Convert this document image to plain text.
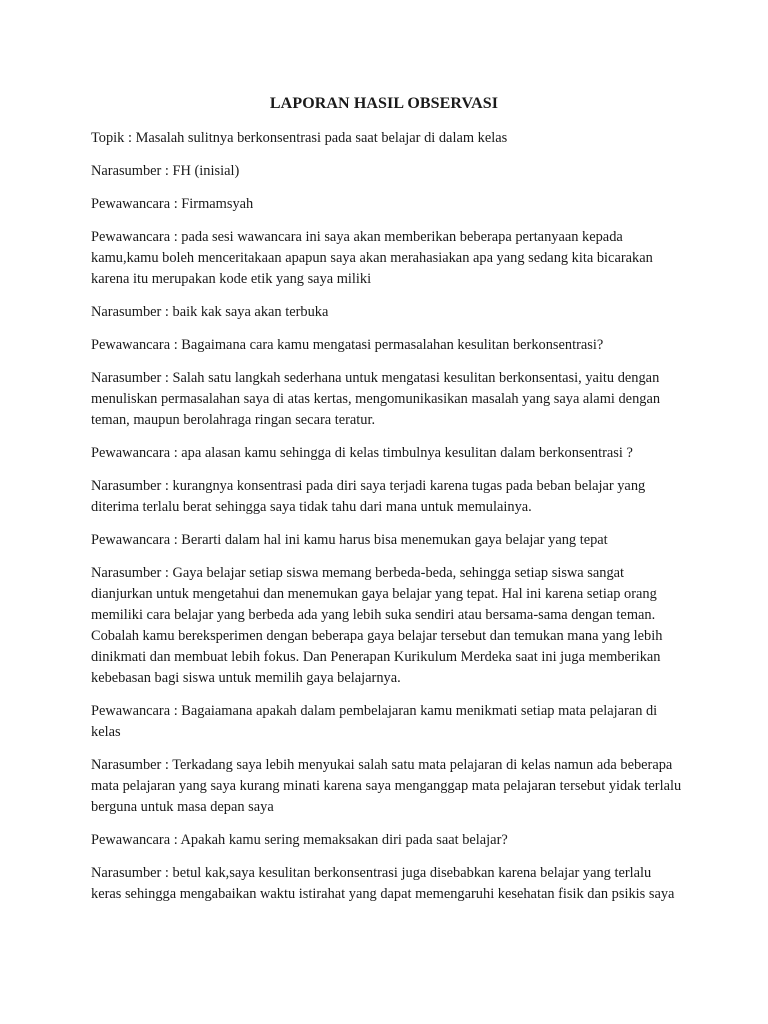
LAPORAN HASIL OBSERVASI

Topik : Masalah sulitnya berkonsentrasi pada saat belajar di dalam kelas

Narasumber : FH (inisial)

Pewawancara : Firmamsyah

Pewawancara : pada sesi wawancara ini saya akan memberikan beberapa pertanyaan kepada kamu,kamu boleh menceritakaan apapun saya akan merahasiakan apa yang sedang kita bicarakan karena itu merupakan kode etik yang saya miliki

Narasumber : baik kak saya akan terbuka

Pewawancara : Bagaimana cara kamu mengatasi permasalahan kesulitan berkonsentrasi?

Narasumber : Salah satu langkah sederhana untuk mengatasi kesulitan berkonsentasi, yaitu dengan menuliskan permasalahan saya di atas kertas, mengomunikasikan masalah yang saya alami dengan teman, maupun berolahraga ringan secara teratur.

Pewawancara : apa alasan kamu sehingga di kelas timbulnya kesulitan dalam berkonsentrasi ?

Narasumber : kurangnya konsentrasi pada diri saya terjadi karena tugas pada beban belajar yang diterima terlalu berat sehingga saya tidak tahu dari mana untuk memulainya.

Pewawancara : Berarti dalam hal ini kamu harus bisa menemukan gaya belajar yang tepat

Narasumber : Gaya belajar setiap siswa memang berbeda-beda, sehingga setiap siswa sangat dianjurkan untuk mengetahui dan menemukan gaya belajar yang tepat. Hal ini karena setiap orang memiliki cara belajar yang berbeda ada yang lebih suka sendiri atau bersama-sama dengan teman. Cobalah kamu bereksperimen dengan beberapa gaya belajar tersebut dan temukan mana yang lebih dinikmati dan membuat lebih fokus. Dan Penerapan Kurikulum Merdeka saat ini juga memberikan kebebasan bagi siswa untuk memilih gaya belajarnya.

Pewawancara : Bagaiamana apakah dalam pembelajaran kamu menikmati setiap mata pelajaran di kelas

Narasumber : Terkadang saya lebih menyukai salah satu mata pelajaran di kelas namun ada beberapa mata pelajaran yang saya kurang minati karena saya menganggap mata pelajaran tersebut yidak terlalu berguna untuk masa depan saya

Pewawancara : Apakah kamu sering memaksakan diri pada saat belajar?

Narasumber : betul kak,saya kesulitan berkonsentrasi juga disebabkan karena belajar yang terlalu keras sehingga mengabaikan waktu istirahat yang dapat memengaruhi kesehatan fisik dan psikis saya
